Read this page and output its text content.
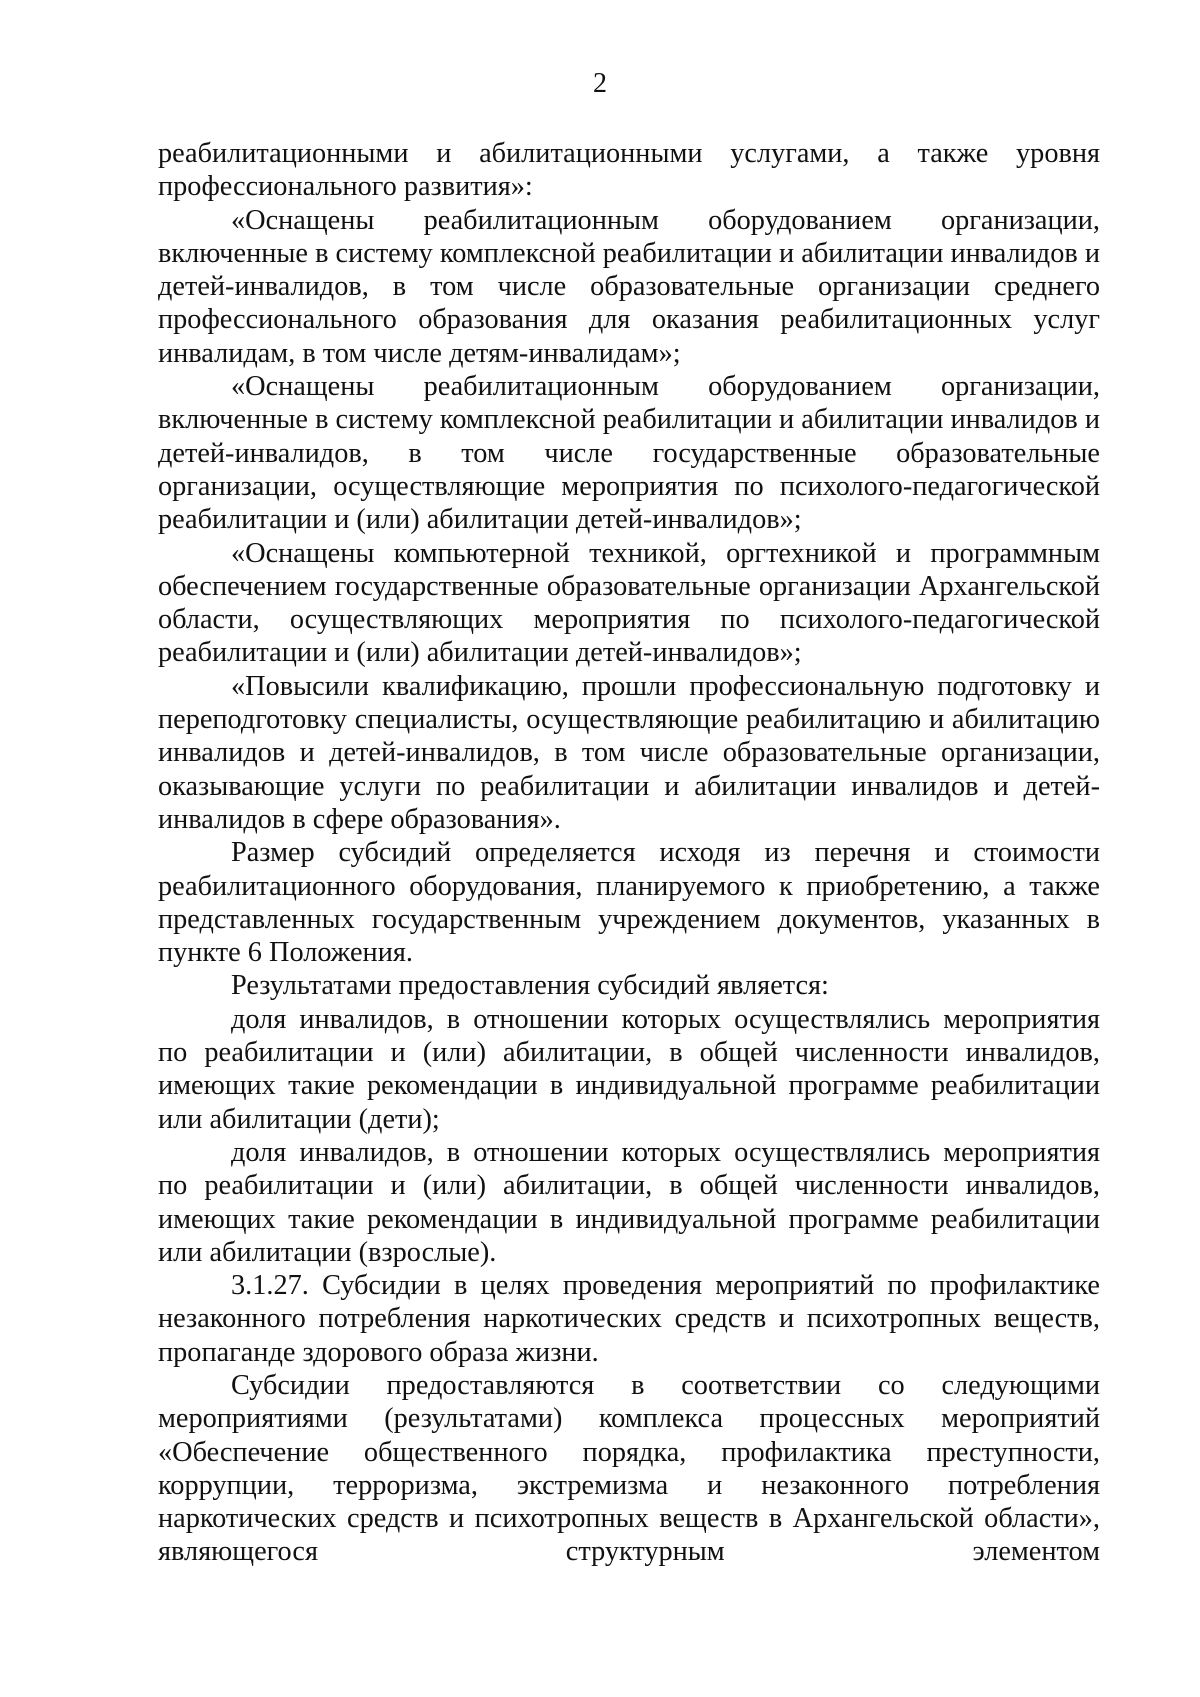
2

реабилитационными и абилитационными услугами, а также уровня профессионального развития»:

«Оснащены реабилитационным оборудованием организации, включенные в систему комплексной реабилитации и абилитации инвалидов и детей-инвалидов, в том числе образовательные организации среднего профессионального образования для оказания реабилитационных услуг инвалидам, в том числе детям-инвалидам»;

«Оснащены реабилитационным оборудованием организации, включенные в систему комплексной реабилитации и абилитации инвалидов и детей-инвалидов, в том числе государственные образовательные организации, осуществляющие мероприятия по психолого-педагогической реабилитации и (или) абилитации детей-инвалидов»;

«Оснащены компьютерной техникой, оргтехникой и программным обеспечением государственные образовательные организации Архангельской области, осуществляющих мероприятия по психолого-педагогической реабилитации и (или) абилитации детей-инвалидов»;

«Повысили квалификацию, прошли профессиональную подготовку и переподготовку специалисты, осуществляющие реабилитацию и абилитацию инвалидов и детей-инвалидов, в том числе образовательные организации, оказывающие услуги по реабилитации и абилитации инвалидов и детей-инвалидов в сфере образования».

Размер субсидий определяется исходя из перечня и стоимости реабилитационного оборудования, планируемого к приобретению, а также представленных государственным учреждением документов, указанных в пункте 6 Положения.

Результатами предоставления субсидий является:

доля инвалидов, в отношении которых осуществлялись мероприятия по реабилитации и (или) абилитации, в общей численности инвалидов, имеющих такие рекомендации в индивидуальной программе реабилитации или абилитации (дети);

доля инвалидов, в отношении которых осуществлялись мероприятия по реабилитации и (или) абилитации, в общей численности инвалидов, имеющих такие рекомендации в индивидуальной программе реабилитации или абилитации (взрослые).

3.1.27. Субсидии в целях проведения мероприятий по профилактике незаконного потребления наркотических средств и психотропных веществ, пропаганде здорового образа жизни.

Субсидии предоставляются в соответствии со следующими мероприятиями (результатами) комплекса процессных мероприятий «Обеспечение общественного порядка, профилактика преступности, коррупции, терроризма, экстремизма и незаконного потребления наркотических средств и психотропных веществ в Архангельской области», являющегося структурным элементом
